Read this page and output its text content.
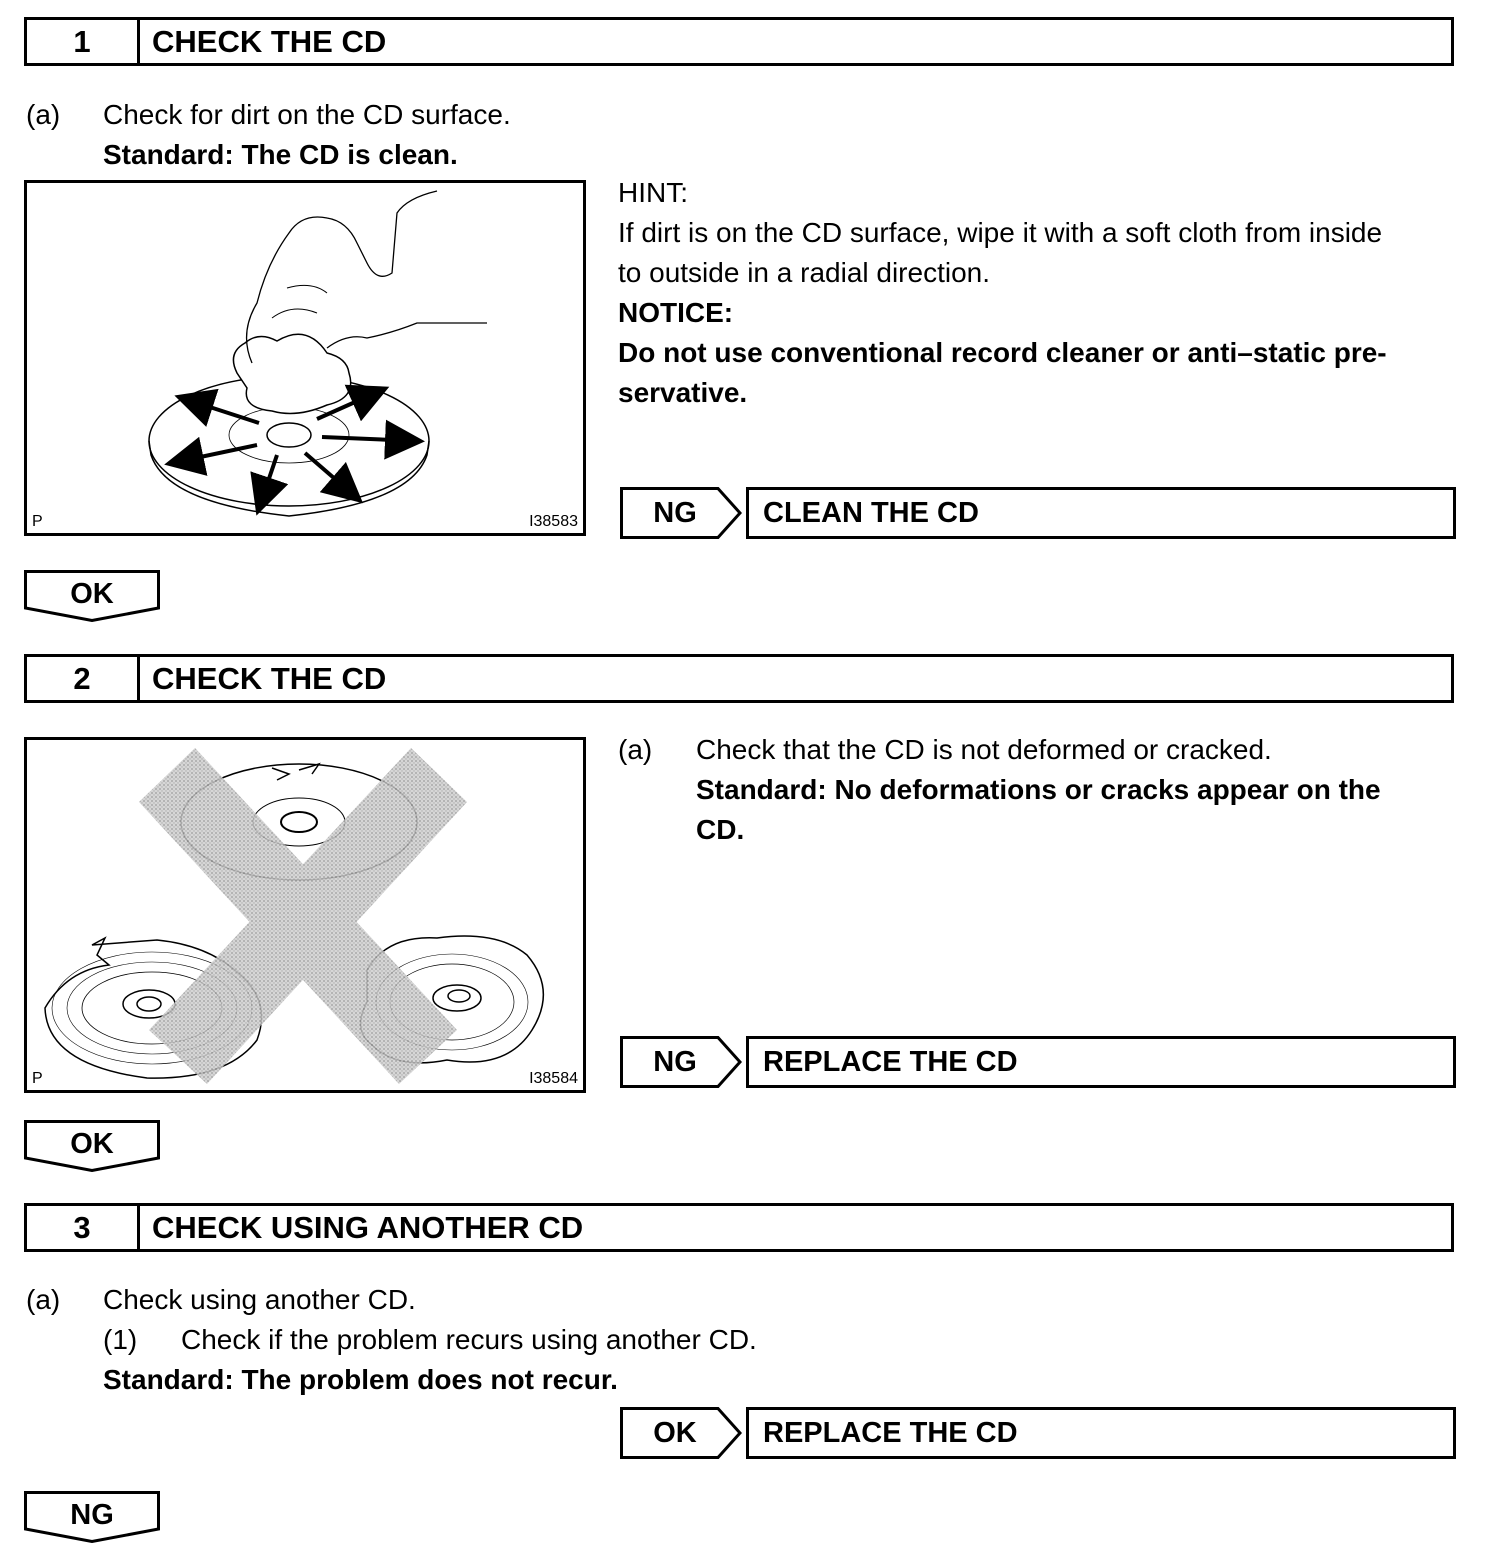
1	CHECK THE CD
(a) Check for dirt on the CD surface.
Standard: The CD is clean.
P	I38583
HINT:
If dirt is on the CD surface, wipe it with a soft cloth from inside
to outside in a radial direction.
NOTICE:
Do not use conventional record cleaner or anti–static pre-
servative.
NG	CLEAN THE CD
OK
2	CHECK THE CD
P	I38584
(a) Check that the CD is not deformed or cracked.
Standard: No deformations or cracks appear on the
CD.
NG	REPLACE THE CD
OK
3	CHECK USING ANOTHER CD
(a) Check using another CD.
(1) Check if the problem recurs using another CD.
Standard: The problem does not recur.
OK	REPLACE THE CD
NG
